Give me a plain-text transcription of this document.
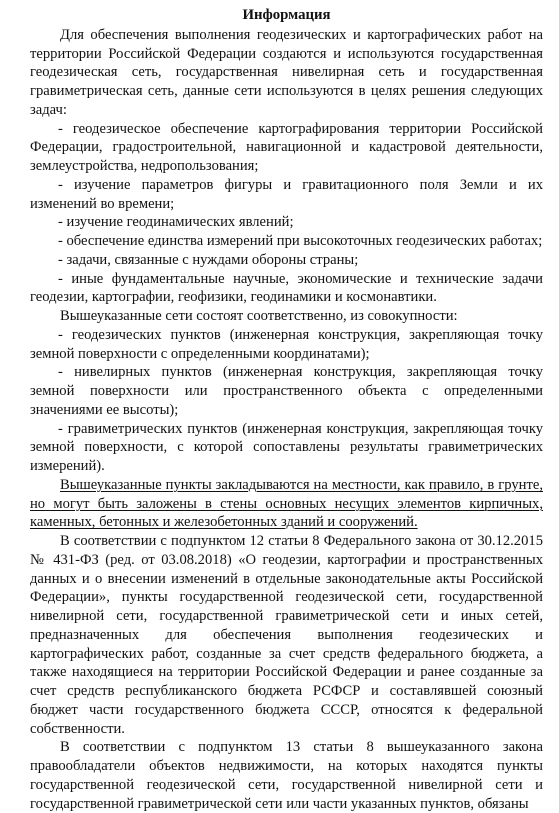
Информация

Для обеспечения выполнения геодезических и картографических работ на территории Российской Федерации создаются и используются государственная геодезическая сеть, государственная нивелирная сеть и государственная гравиметрическая сеть, данные сети используются в целях решения следующих задач:

- геодезическое обеспечение картографирования территории Российской Федерации, градостроительной, навигационной и кадастровой деятельности, землеустройства, недропользования;

- изучение параметров фигуры и гравитационного поля Земли и их изменений во времени;

- изучение геодинамических явлений;

- обеспечение единства измерений при высокоточных геодезических работах;

- задачи, связанные с нуждами обороны страны;

- иные фундаментальные научные, экономические и технические задачи геодезии, картографии, геофизики, геодинамики и космонавтики.

Вышеуказанные сети состоят соответственно, из совокупности:

- геодезических пунктов (инженерная конструкция, закрепляющая точку земной поверхности с определенными координатами);

- нивелирных пунктов (инженерная конструкция, закрепляющая точку земной поверхности или пространственного объекта с определенными значениями ее высоты);

- гравиметрических пунктов (инженерная конструкция, закрепляющая точку земной поверхности, с которой сопоставлены результаты гравиметрических измерений).

Вышеуказанные пункты закладываются на местности, как правило, в грунте, но могут быть заложены в стены основных несущих элементов кирпичных, каменных, бетонных и железобетонных зданий и сооружений.

В соответствии с подпунктом 12 статьи 8 Федерального закона от 30.12.2015 № 431-ФЗ (ред. от 03.08.2018) «О геодезии, картографии и пространственных данных и о внесении изменений в отдельные законодательные акты Российской Федерации», пункты государственной геодезической сети, государственной нивелирной сети, государственной гравиметрической сети и иных сетей, предназначенных для обеспечения выполнения геодезических и картографических работ, созданные за счет средств федерального бюджета, а также находящиеся на территории Российской Федерации и ранее созданные за счет средств республиканского бюджета РСФСР и составлявшей союзный бюджет части государственного бюджета СССР, относятся к федеральной собственности.

В соответствии с подпунктом 13 статьи 8 вышеуказанного закона правообладатели объектов недвижимости, на которых находятся пункты государственной геодезической сети, государственной нивелирной сети и государственной гравиметрической сети или части указанных пунктов, обязаны
